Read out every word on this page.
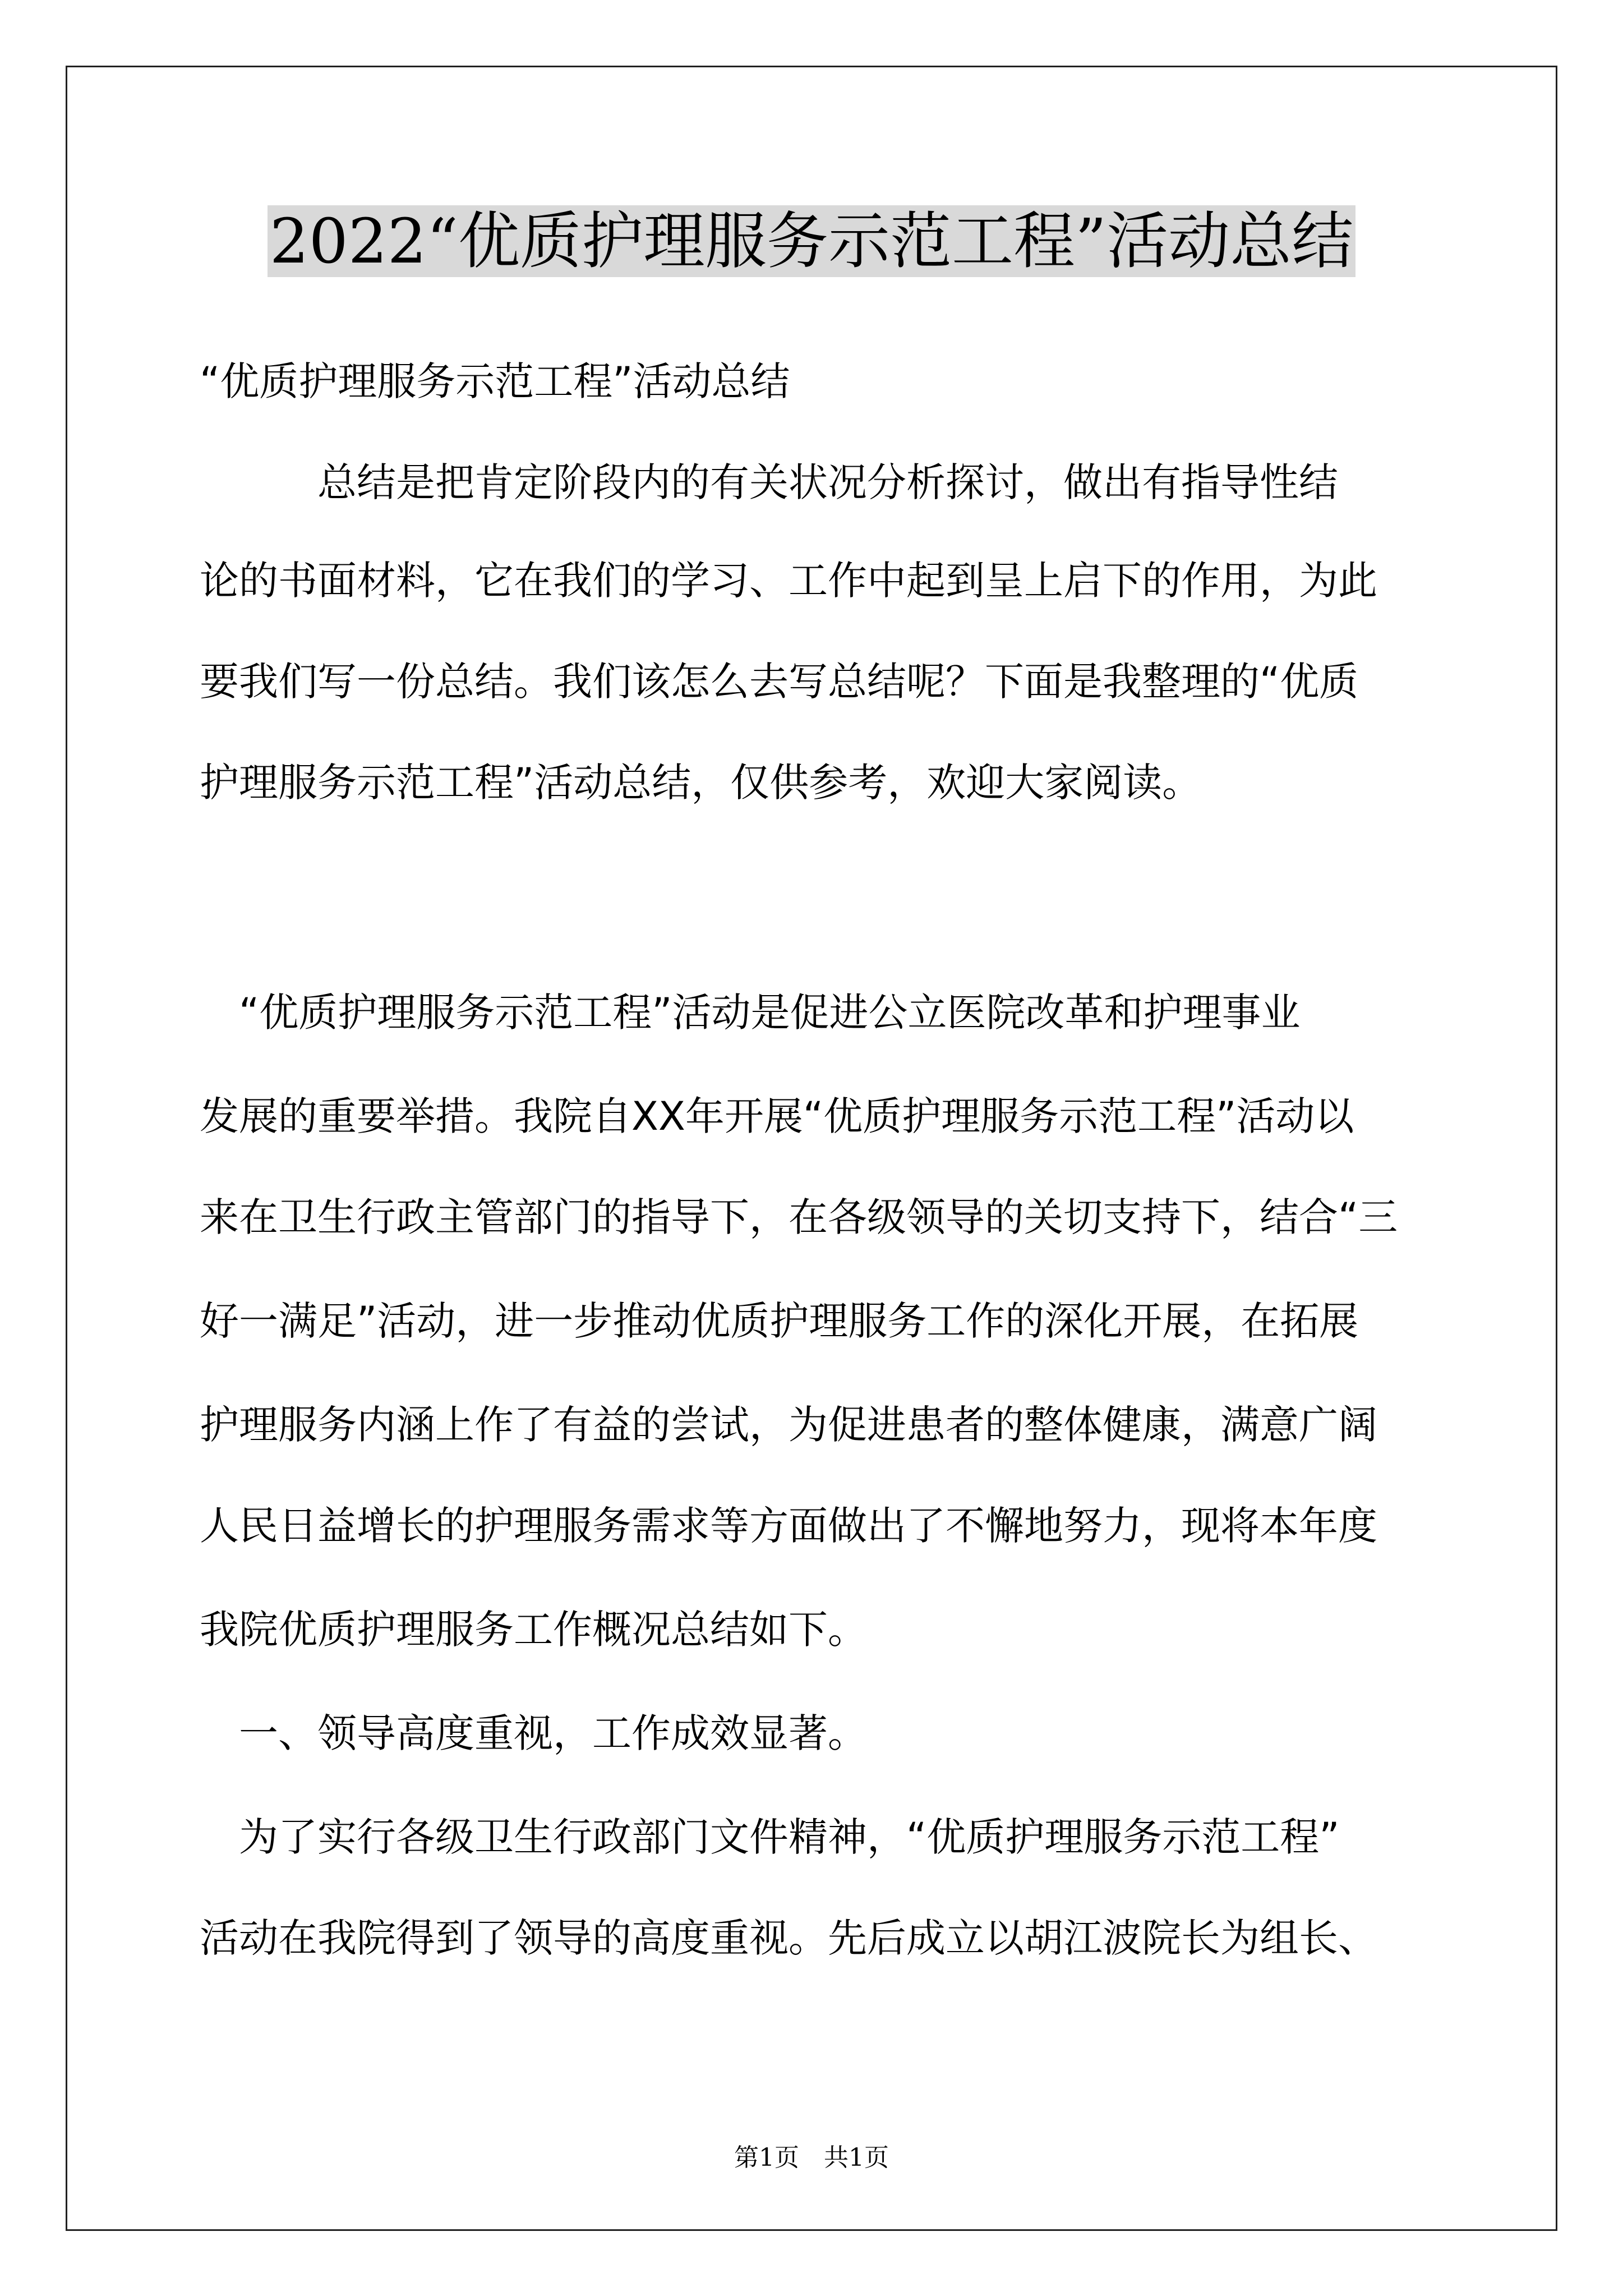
2022“优质护理服务示范工程”活动总结
“优质护理服务示范工程”活动总结
　　　总结是把肯定阶段内的有关状况分析探讨，做出有指导性结
论的书面材料，它在我们的学习、工作中起到呈上启下的作用，为此
要我们写一份总结。我们该怎么去写总结呢？下面是我整理的“优质
护理服务示范工程”活动总结，仅供参考，欢迎大家阅读。
　“优质护理服务示范工程”活动是促进公立医院改革和护理事业
发展的重要举措。我院自XX年开展“优质护理服务示范工程”活动以
来在卫生行政主管部门的指导下，在各级领导的关切支持下，结合“三
好一满足”活动，进一步推动优质护理服务工作的深化开展，在拓展
护理服务内涵上作了有益的尝试，为促进患者的整体健康，满意广阔
人民日益增长的护理服务需求等方面做出了不懈地努力，现将本年度
我院优质护理服务工作概况总结如下。
　一、领导高度重视，工作成效显著。
　为了实行各级卫生行政部门文件精神，“优质护理服务示范工程”
活动在我院得到了领导的高度重视。先后成立以胡江波院长为组长、
第1页　共1页
